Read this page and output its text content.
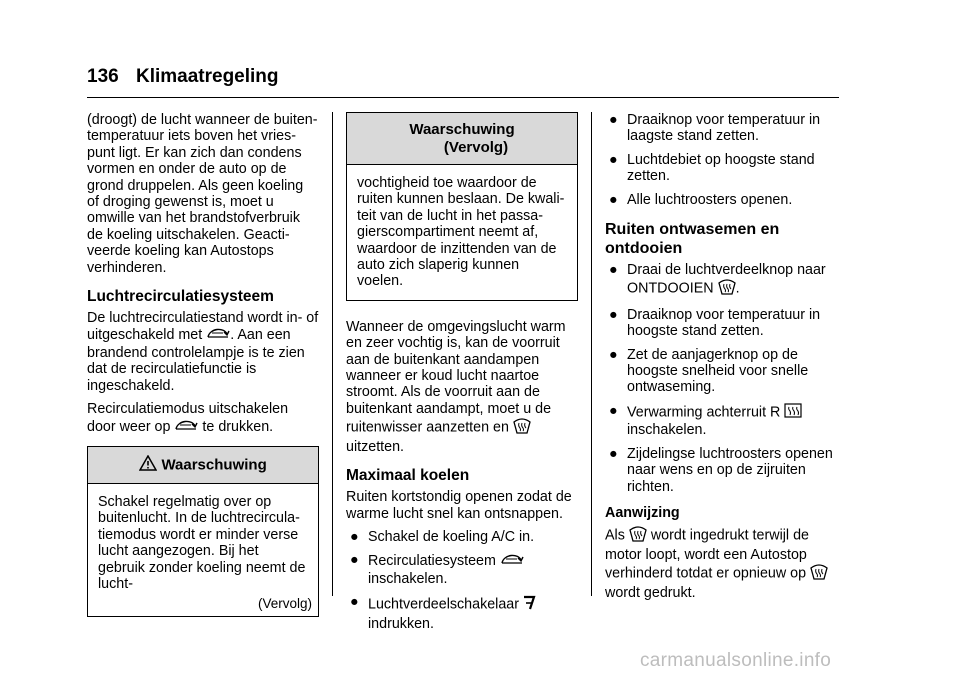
136 Klimaatregeling

(droogt) de lucht wanneer de buiten-temperatuur iets boven het vries-punt ligt. Er kan zich dan condens vormen en onder de auto op de grond druppelen. Als geen koeling of droging gewenst is, moet u omwille van het brandstofverbruik de koeling uitschakelen. Geacti-veerde koeling kan Autostops verhinderen.

Luchtrecirculatiesysteem

De luchtrecirculatiestand wordt in- of uitgeschakeld met . Aan een brandend controlelampje is te zien dat de recirculatiefunctie is ingeschakeld.

Recirculatiemodus uitschakelen door weer op te drukken.

Waarschuwing

Schakel regelmatig over op buitenlucht. In de luchtrecircula-tiemodus wordt er minder verse lucht aangezogen. Bij het gebruik zonder koeling neemt de lucht-

(Vervolg)
Waarschuwing
(Vervolg)

vochtigheid toe waardoor de ruiten kunnen beslaan. De kwali-teit van de lucht in het passa-gierscompartiment neemt af, waardoor de inzittenden van de auto zich slaperig kunnen voelen.

Wanneer de omgevingslucht warm en zeer vochtig is, kan de voorruit aan de buitenkant aandampen wanneer er koud lucht naartoe stroomt. Als de voorruit aan de buitenkant aandampt, moet u de ruitenwisser aanzetten en  uitzetten.

Maximaal koelen

Ruiten kortstondig openen zodat de warme lucht snel kan ontsnappen.

● Schakel de koeling A/C in.
● Recirculatiesysteem
inschakelen.
● Luchtverdeelschakelaar
indrukken.
● Draaiknop voor temperatuur in laagste stand zetten.
● Luchtdebiet op hoogste stand zetten.
● Alle luchtroosters openen.
Ruiten ontwasemen en ontdooien
● Draai de luchtverdeelknop naar ONTDOOIEN .
● Draaiknop voor temperatuur in hoogste stand zetten.
● Zet de aanjagerknop op de hoogste snelheid voor snelle ontwaseming.
● Verwarming achterruit R
inschakelen.
● Zijdelingse luchtroosters openen naar wens en op de zijruiten richten.
Aanwijzing

Als wordt ingedrukt terwijl de motor loopt, wordt een Autostop verhinderd totdat er opnieuw op  wordt gedrukt.

carmanualsonline.info
